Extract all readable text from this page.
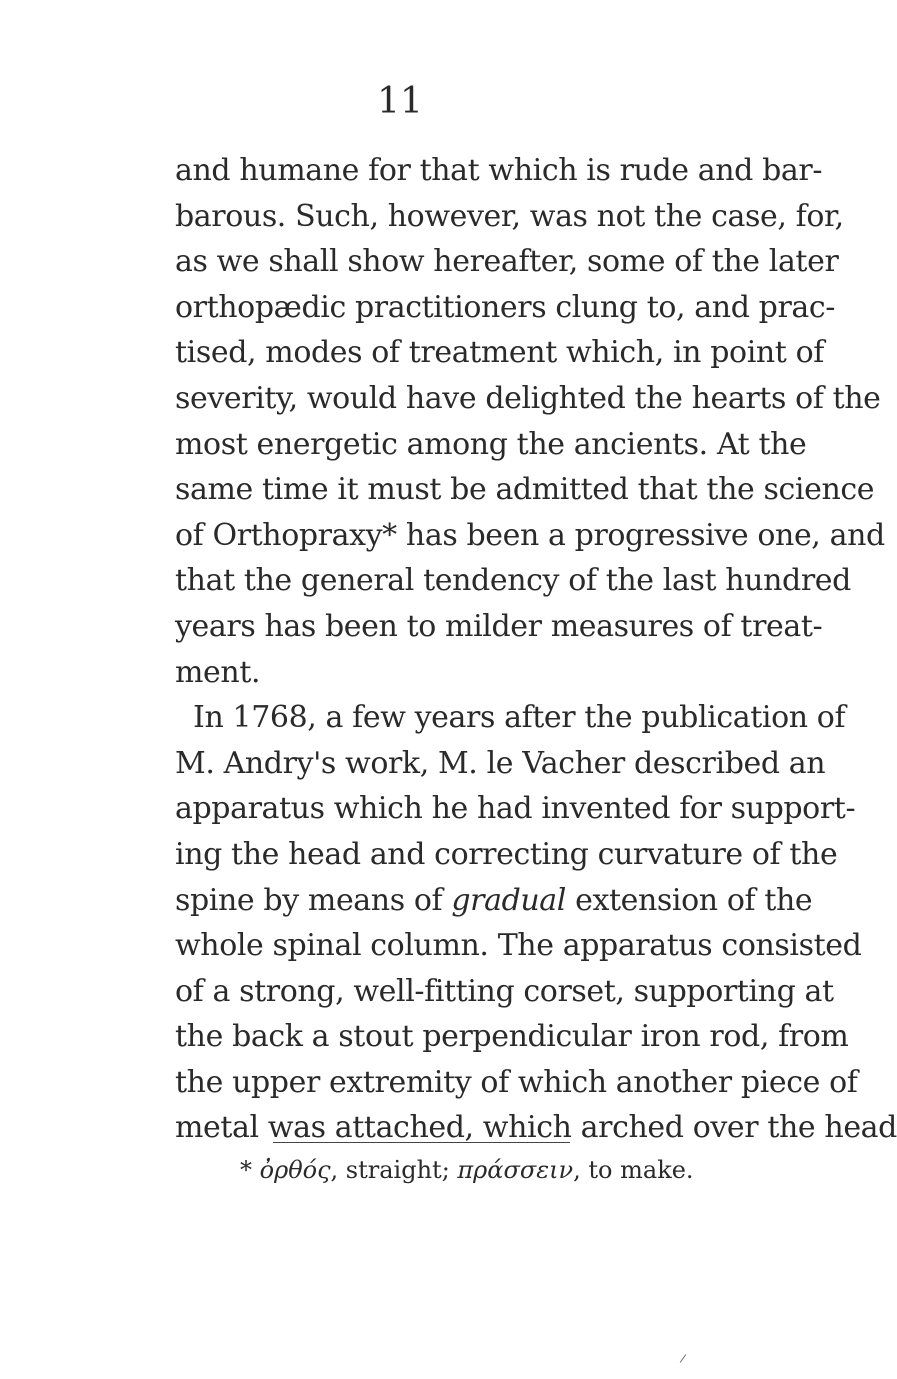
11
and humane for that which is rude and bar-
barous. Such, however, was not the case, for,
as we shall show hereafter, some of the later
orthopædic practitioners clung to, and prac-
tised, modes of treatment which, in point of
severity, would have delighted the hearts of the
most energetic among the ancients. At the
same time it must be admitted that the science
of Orthopraxy* has been a progressive one, and
that the general tendency of the last hundred
years has been to milder measures of treat-
ment.
In 1768, a few years after the publication of
M. Andry's work, M. le Vacher described an
apparatus which he had invented for support-
ing the head and correcting curvature of the
spine by means of gradual extension of the
whole spinal column. The apparatus consisted
of a strong, well-fitting corset, supporting at
the back a stout perpendicular iron rod, from
the upper extremity of which another piece of
metal was attached, which arched over the head
* ὀρθός, straight; πράσσειν, to make.
